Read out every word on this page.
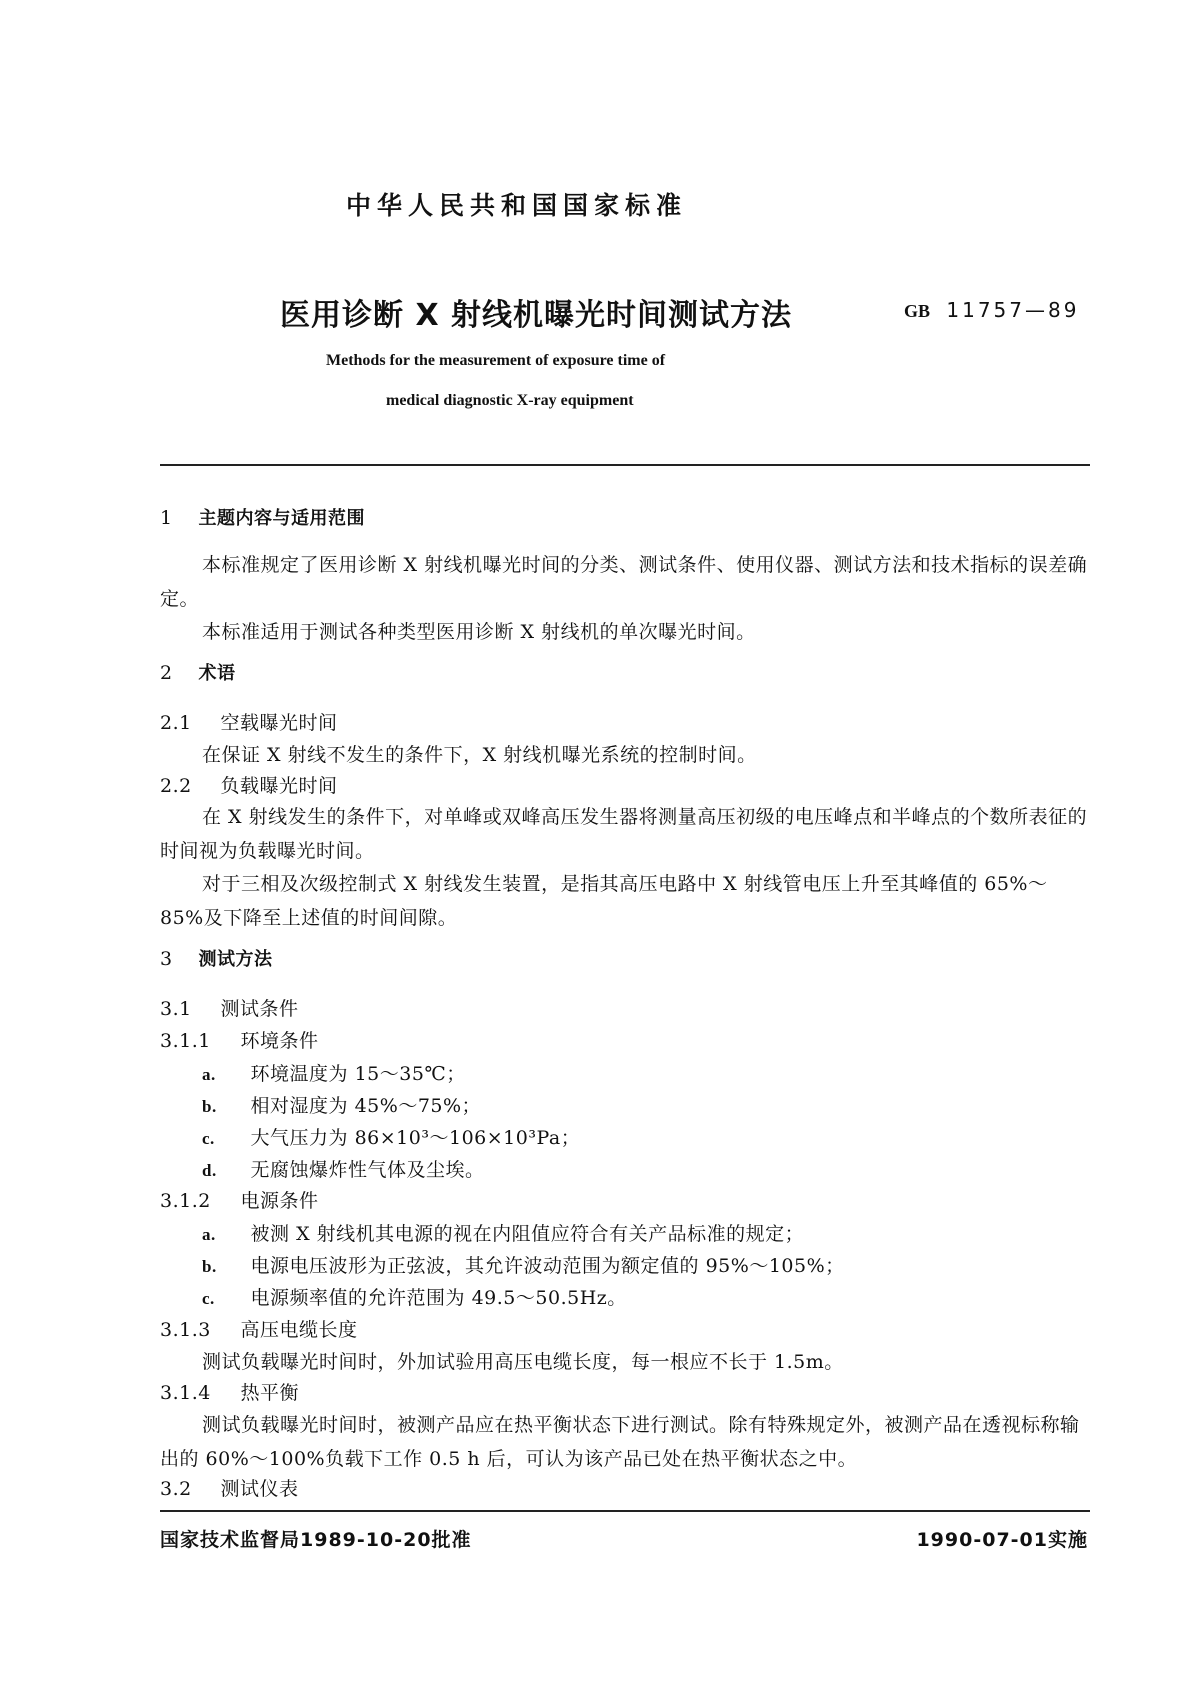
中华人民共和国国家标准
医用诊断 X 射线机曝光时间测试方法	GB 11757—89
Methods for the measurement of exposure time of
medical diagnostic X-ray equipment
1 主题内容与适用范围
本标准规定了医用诊断 X 射线机曝光时间的分类、测试条件、使用仪器、测试方法和技术指标的误差确定。
本标准适用于测试各种类型医用诊断 X 射线机的单次曝光时间。
2 术语
2.1 空载曝光时间
在保证 X 射线不发生的条件下，X 射线机曝光系统的控制时间。
2.2 负载曝光时间
在 X 射线发生的条件下，对单峰或双峰高压发生器将测量高压初级的电压峰点和半峰点的个数所表征的时间视为负载曝光时间。
对于三相及次级控制式 X 射线发生装置，是指其高压电路中 X 射线管电压上升至其峰值的 65%～85%及下降至上述值的时间间隙。
3 测试方法
3.1 测试条件
3.1.1 环境条件
a. 环境温度为 15～35℃；
b. 相对湿度为 45%～75%；
c. 大气压力为 86×10³～106×10³Pa；
d. 无腐蚀爆炸性气体及尘埃。
3.1.2 电源条件
a. 被测 X 射线机其电源的视在内阻值应符合有关产品标准的规定；
b. 电源电压波形为正弦波，其允许波动范围为额定值的 95%～105%；
c. 电源频率值的允许范围为 49.5～50.5Hz。
3.1.3 高压电缆长度
测试负载曝光时间时，外加试验用高压电缆长度，每一根应不长于 1.5m。
3.1.4 热平衡
测试负载曝光时间时，被测产品应在热平衡状态下进行测试。除有特殊规定外，被测产品在透视标称输出的 60%～100%负载下工作 0.5 h 后，可认为该产品已处在热平衡状态之中。
3.2 测试仪表
国家技术监督局1989-10-20批准	1990-07-01实施
